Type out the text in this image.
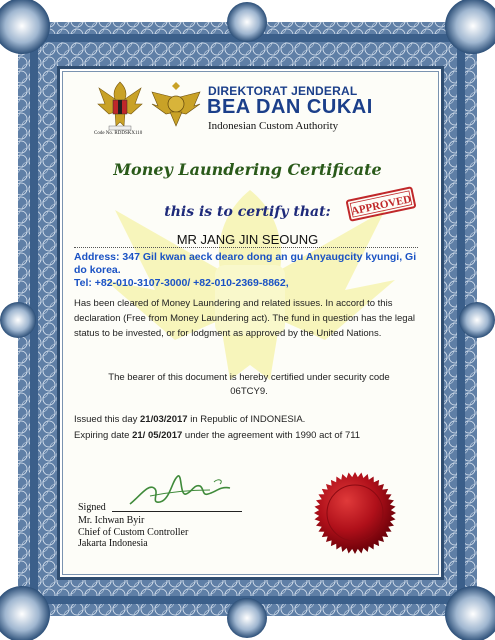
Code No. RDDSKX110
DIREKTORAT JENDERAL
BEA DAN CUKAI
Indonesian Custom Authority
Money Laundering Certificate
this is to certify that:	APPROVED
MR JANG JIN SEOUNG
Address: 347 Gil kwan aeck dearo dong an gu Anyaugcity kyungi, Gi do korea.
Tel: +82-010-3107-3000/ +82-010-2369-8862,
Has been cleared of Money Laundering and related issues. In accord to this declaration (Free from Money Laundering act). The fund in question has the legal status to be invested, or for lodgment as approved by the United Nations.
The bearer of this document is hereby certified under security code
06TCY9.
Issued this day 21/03/2017 in Republic of INDONESIA.
Expiring date 21/ 05/2017 under the agreement with 1990 act of 711
Signed
Mr. Ichwan Byir
Chief of Custom Controller
Jakarta Indonesia
